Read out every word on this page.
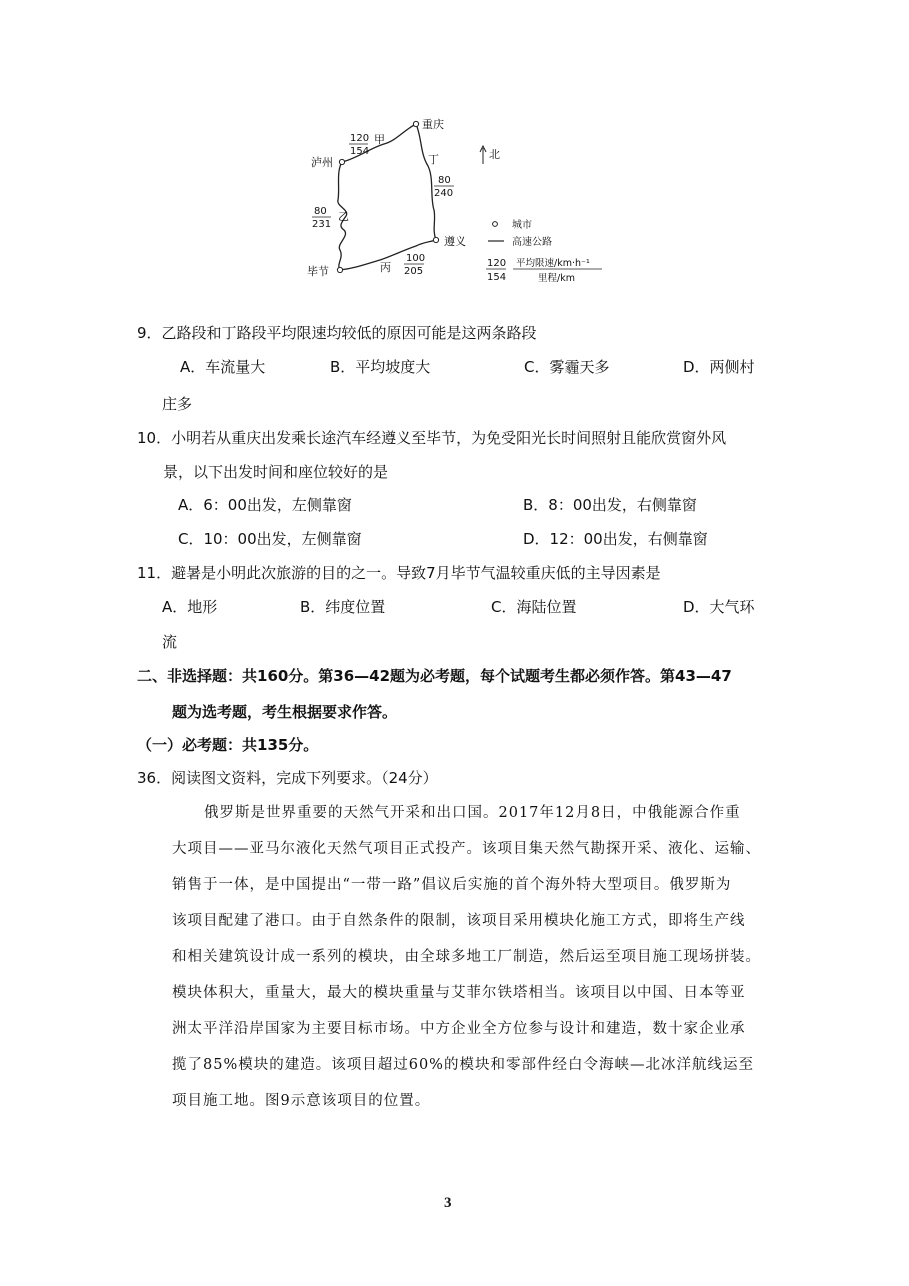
重庆
泸州
遵义
毕节
120
154
甲
80
231
乙
丙
100
205
丁
80
240
北
城市
高速公路
120
154
平均限速/km·h⁻¹
里程/km
9．乙路段和丁路段平均限速均较低的原因可能是这两条路段
A．车流量大	B．平均坡度大	C．雾霾天多	D．两侧村
庄多
10．小明若从重庆出发乘长途汽车经遵义至毕节，为免受阳光长时间照射且能欣赏窗外风
景，以下出发时间和座位较好的是
A．6：00出发，左侧靠窗	B．8：00出发，右侧靠窗
C．10：00出发，左侧靠窗	D．12：00出发，右侧靠窗
11．避暑是小明此次旅游的目的之一。导致7月毕节气温较重庆低的主导因素是
A．地形	B．纬度位置	C．海陆位置	D．大气环
流
二、非选择题：共160分。第36—42题为必考题，每个试题考生都必须作答。第43—47
题为选考题，考生根据要求作答。
（一）必考题：共135分。
36．阅读图文资料，完成下列要求。（24分）
俄罗斯是世界重要的天然气开采和出口国。2017年12月8日，中俄能源合作重
大项目——亚马尔液化天然气项目正式投产。该项目集天然气勘探开采、液化、运输、
销售于一体，是中国提出“一带一路”倡议后实施的首个海外特大型项目。俄罗斯为
该项目配建了港口。由于自然条件的限制，该项目采用模块化施工方式，即将生产线
和相关建筑设计成一系列的模块，由全球多地工厂制造，然后运至项目施工现场拼装。
模块体积大，重量大，最大的模块重量与艾菲尔铁塔相当。该项目以中国、日本等亚
洲太平洋沿岸国家为主要目标市场。中方企业全方位参与设计和建造，数十家企业承
揽了85%模块的建造。该项目超过60%的模块和零部件经白令海峡—北冰洋航线运至
项目施工地。图9示意该项目的位置。
3
